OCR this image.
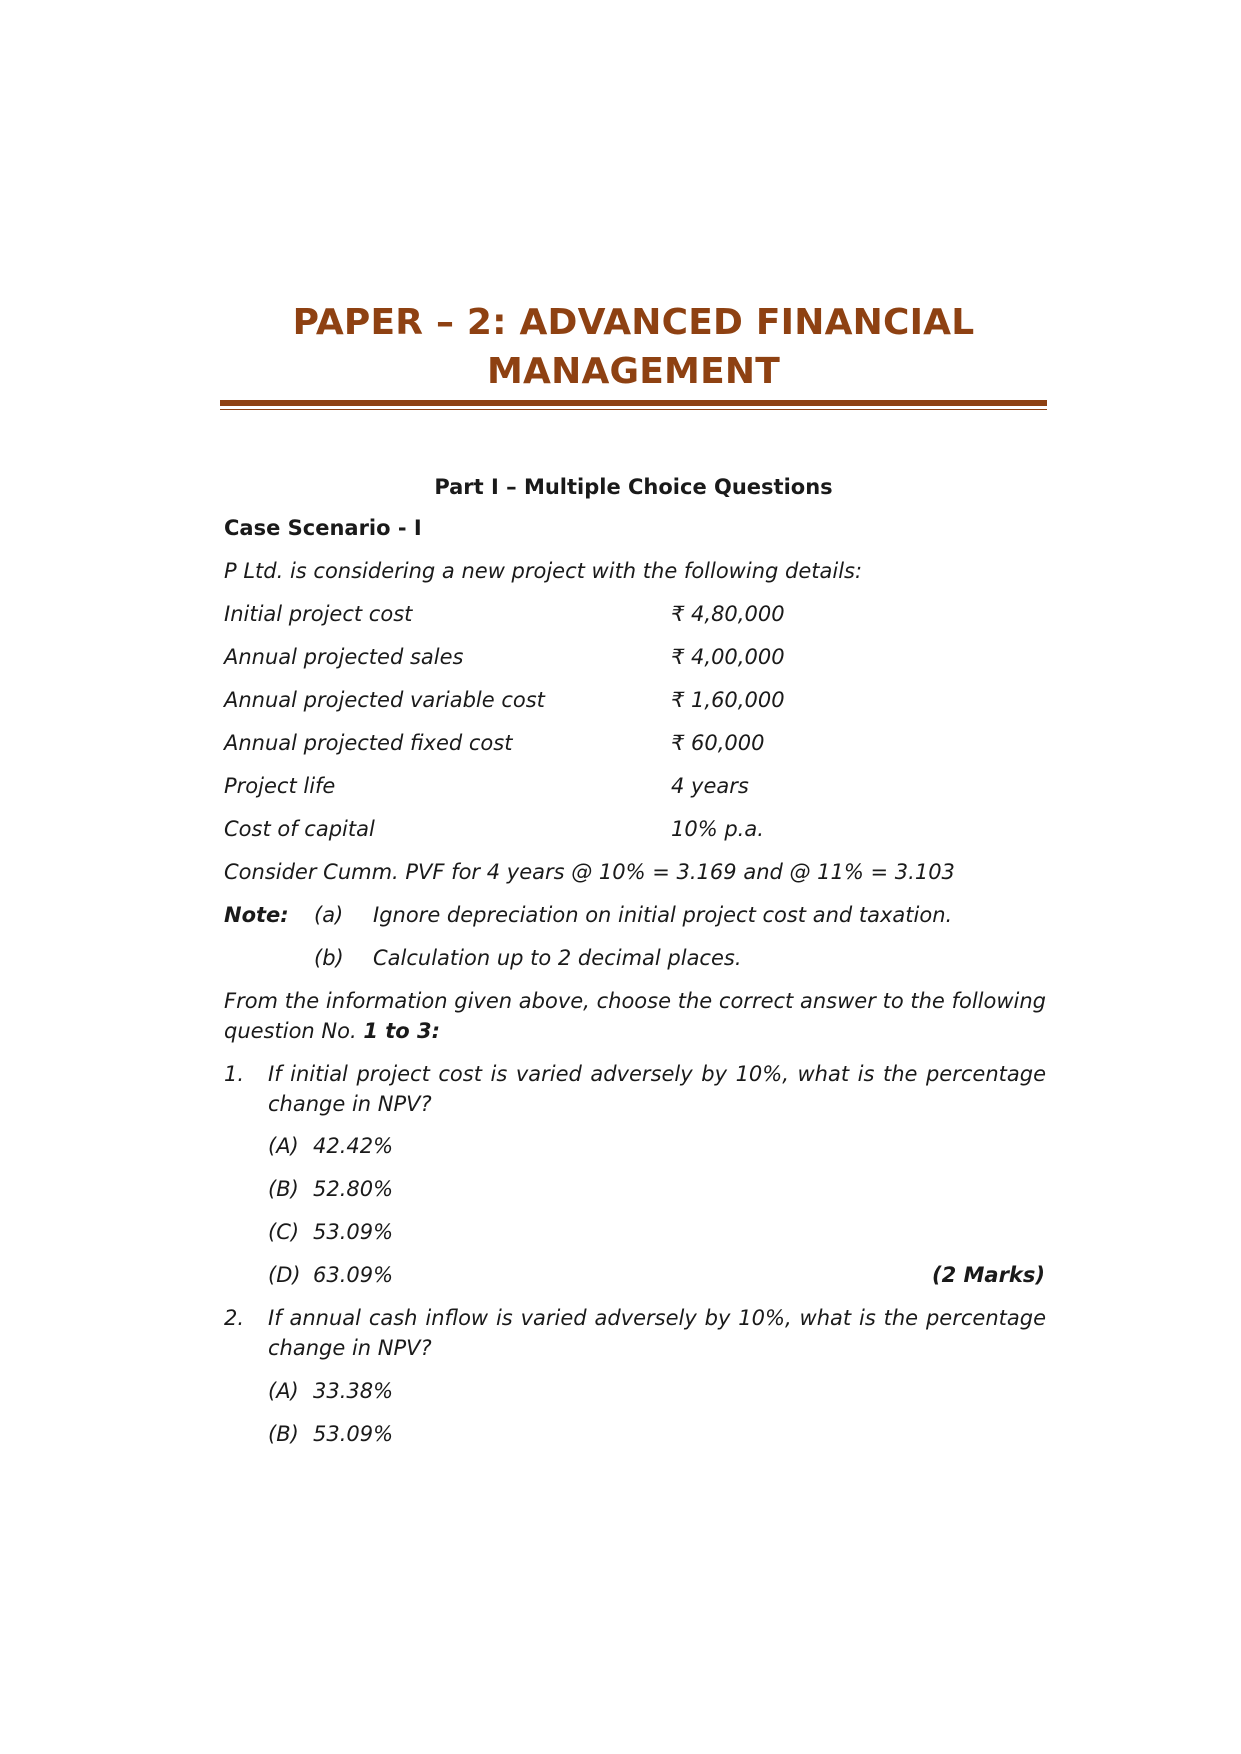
PAPER – 2: ADVANCED FINANCIAL
MANAGEMENT
Part I – Multiple Choice Questions
Case Scenario - I
P Ltd. is considering a new project with the following details:
Initial project cost	₹ 4,80,000
Annual projected sales	₹ 4,00,000
Annual projected variable cost	₹ 1,60,000
Annual projected fixed cost	₹ 60,000
Project life	4 years
Cost of capital	10% p.a.
Consider Cumm. PVF for 4 years @ 10% = 3.169 and @ 11% = 3.103
Note: (a) Ignore depreciation on initial project cost and taxation.
(b) Calculation up to 2 decimal places.
From the information given above, choose the correct answer to the following
question No. 1 to 3:
1. If initial project cost is varied adversely by 10%, what is the percentage
change in NPV?
(A) 42.42%
(B) 52.80%
(C) 53.09%
(D) 63.09%	(2 Marks)
2. If annual cash inflow is varied adversely by 10%, what is the percentage
change in NPV?
(A) 33.38%
(B) 53.09%
